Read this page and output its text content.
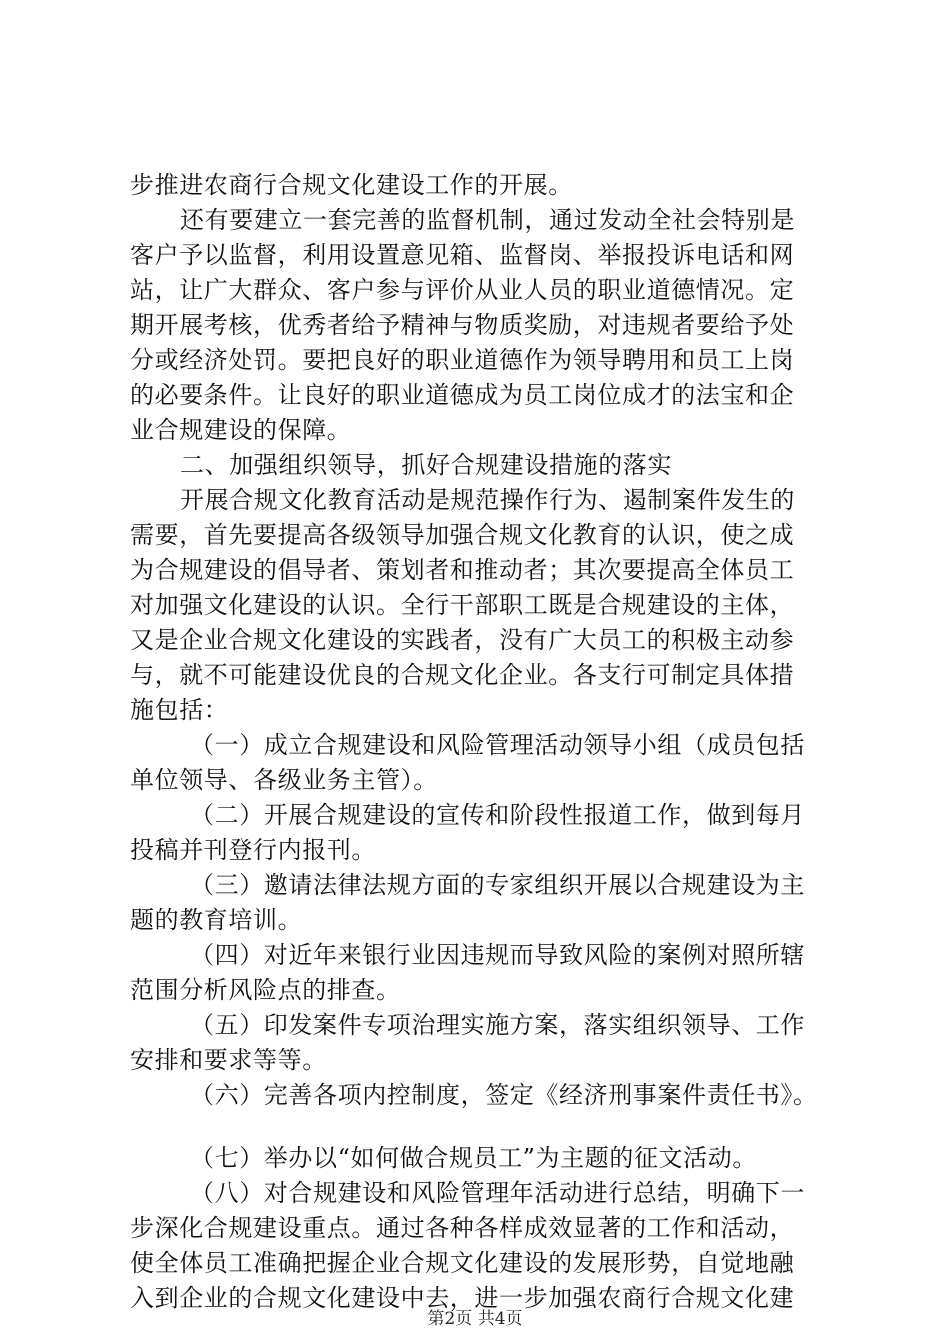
步推进农商行合规文化建设工作的开展。
还有要建立一套完善的监督机制，通过发动全社会特别是
客户予以监督，利用设置意见箱、监督岗、举报投诉电话和网
站，让广大群众、客户参与评价从业人员的职业道德情况。定
期开展考核，优秀者给予精神与物质奖励，对违规者要给予处
分或经济处罚。要把良好的职业道德作为领导聘用和员工上岗
的必要条件。让良好的职业道德成为员工岗位成才的法宝和企
业合规建设的保障。
二、加强组织领导，抓好合规建设措施的落实
开展合规文化教育活动是规范操作行为、遏制案件发生的
需要，首先要提高各级领导加强合规文化教育的认识，使之成
为合规建设的倡导者、策划者和推动者；其次要提高全体员工
对加强文化建设的认识。全行干部职工既是合规建设的主体，
又是企业合规文化建设的实践者，没有广大员工的积极主动参
与，就不可能建设优良的合规文化企业。各支行可制定具体措
施包括：
（一）成立合规建设和风险管理活动领导小组（成员包括
单位领导、各级业务主管）。
（二）开展合规建设的宣传和阶段性报道工作，做到每月
投稿并刊登行内报刊。
（三）邀请法律法规方面的专家组织开展以合规建设为主
题的教育培训。
（四）对近年来银行业因违规而导致风险的案例对照所辖
范围分析风险点的排查。
（五）印发案件专项治理实施方案，落实组织领导、工作
安排和要求等等。
（六）完善各项内控制度，签定《经济刑事案件责任书》。
（七）举办以“如何做合规员工”为主题的征文活动。
（八）对合规建设和风险管理年活动进行总结，明确下一
步深化合规建设重点。通过各种各样成效显著的工作和活动，
使全体员工准确把握企业合规文化建设的发展形势，自觉地融
入到企业的合规文化建设中去，进一步加强农商行合规文化建
第2页 共4页
